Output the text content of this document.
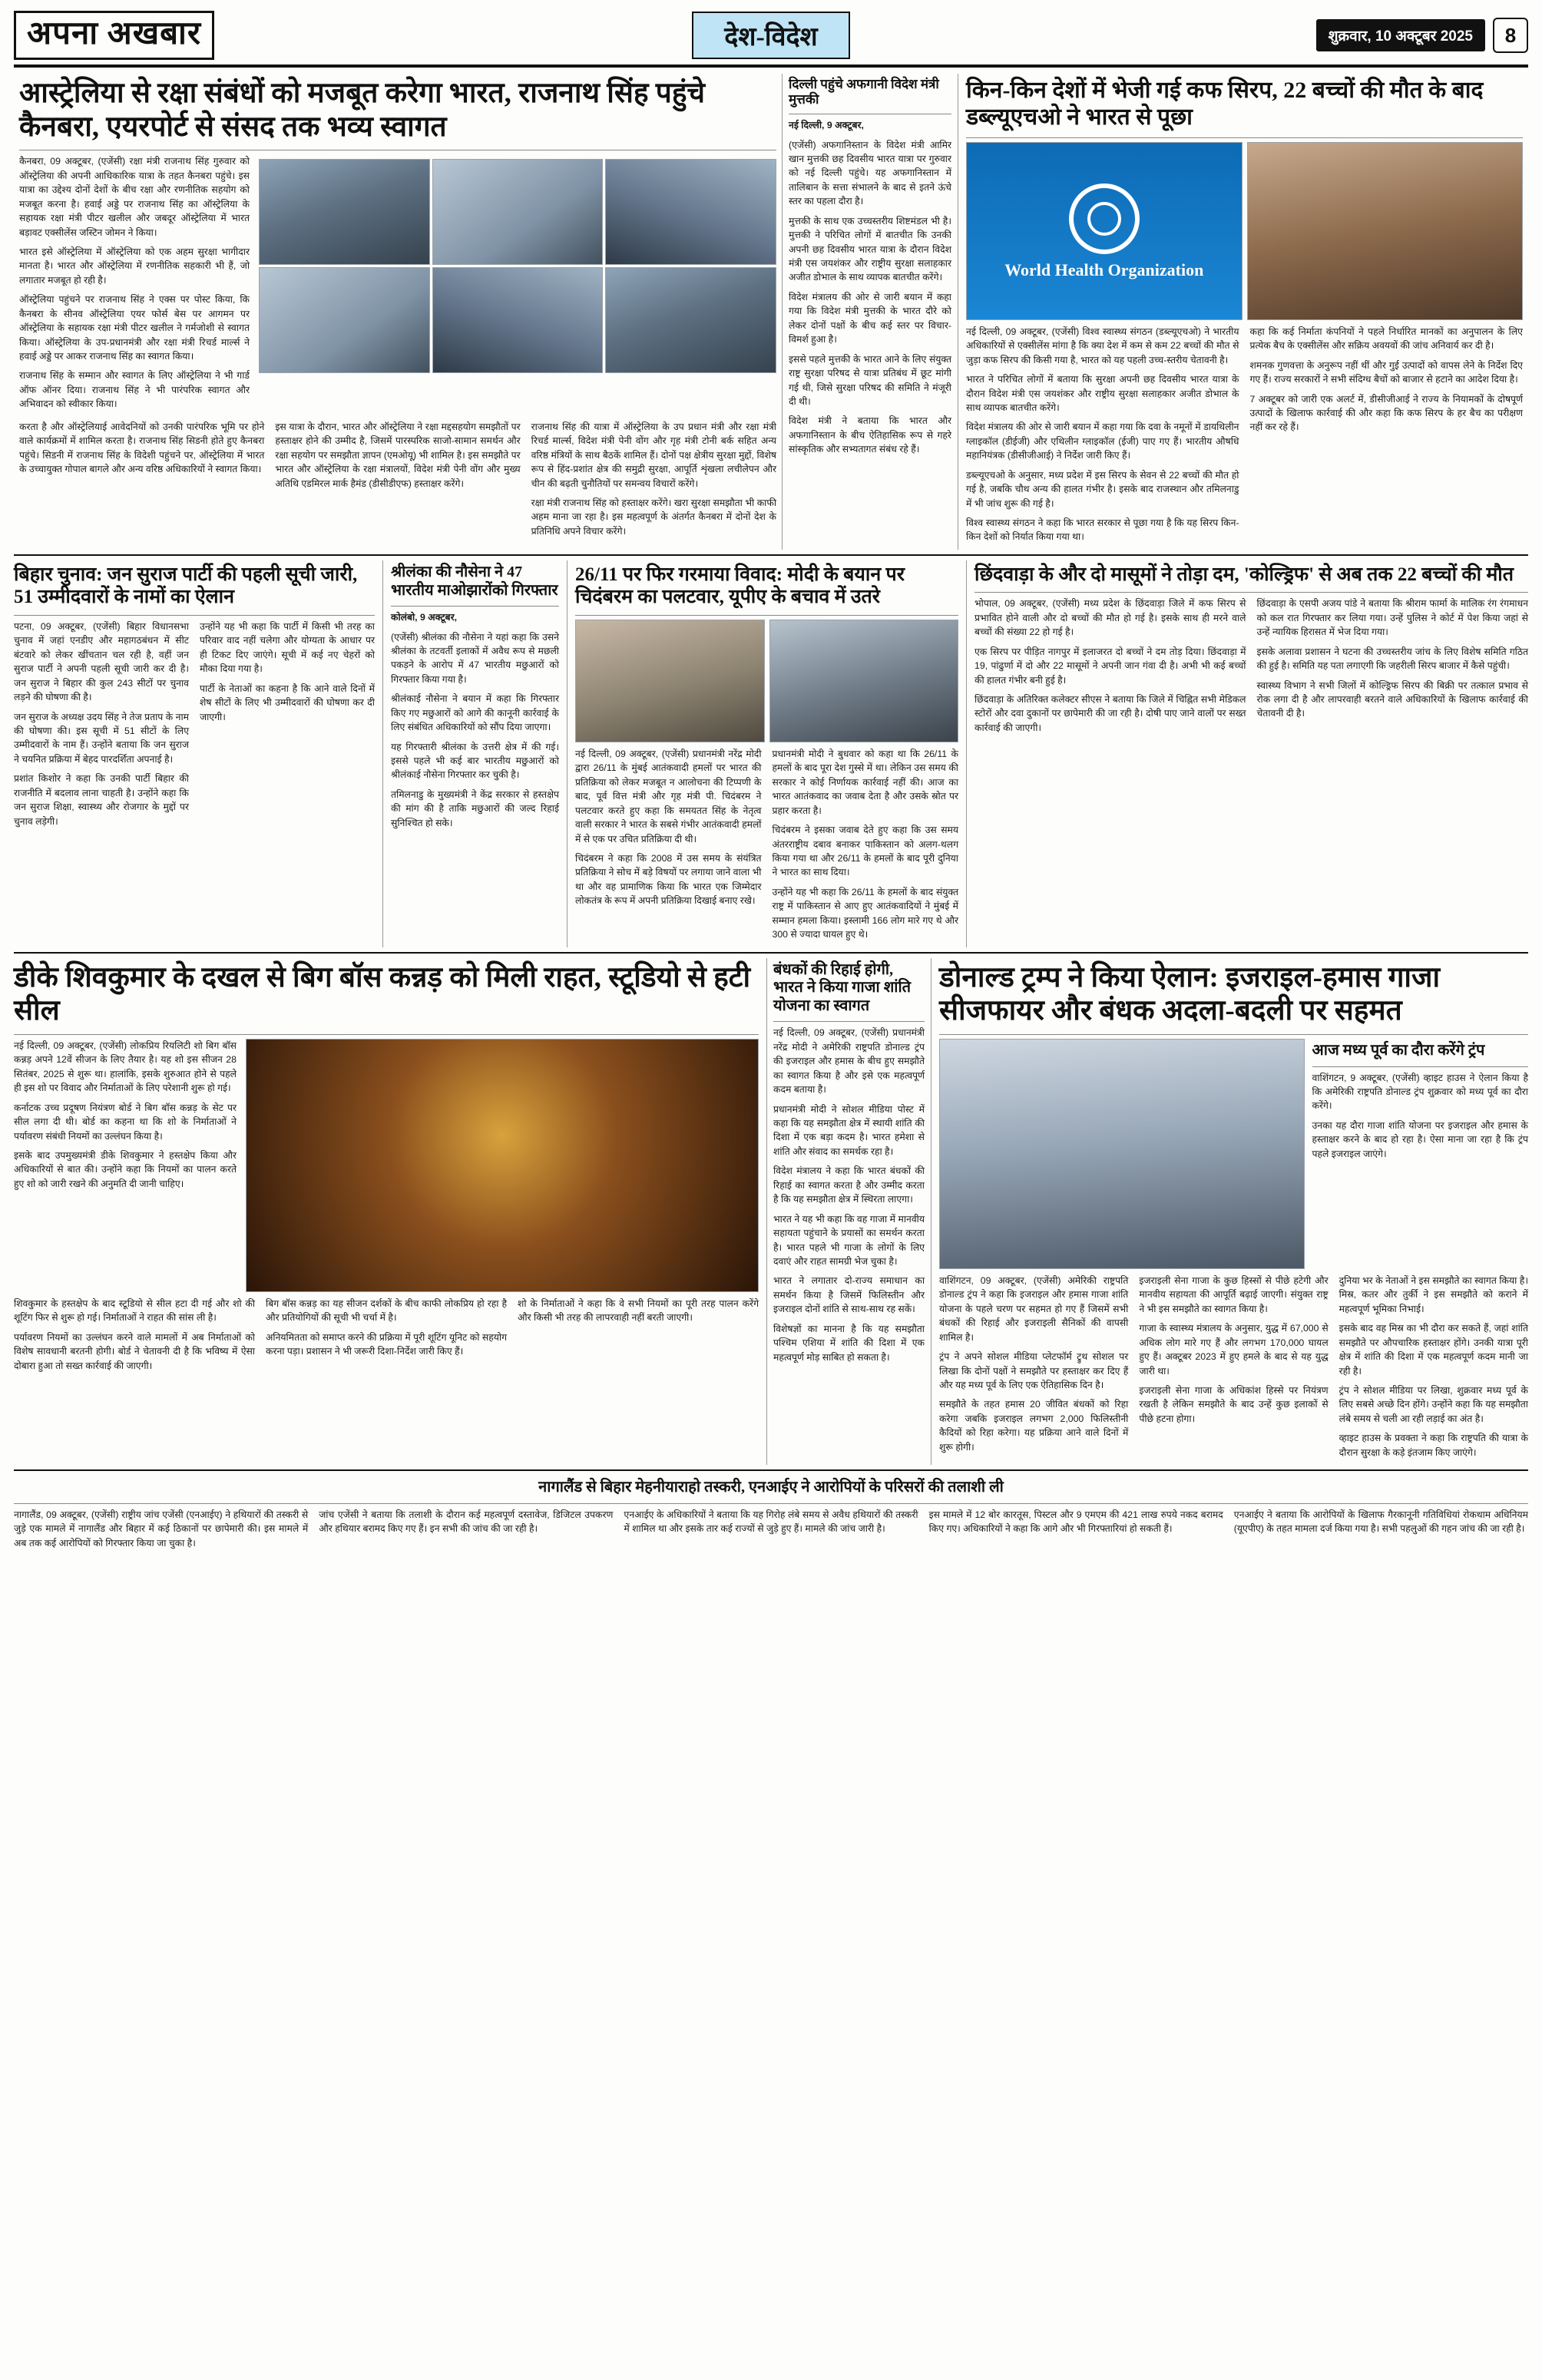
अपना अखबार	देश-विदेश	शुक्रवार, 10 अक्टूबर 2025	8
आस्ट्रेलिया से रक्षा संबंधों को मजबूत करेगा भारत, राजनाथ सिंह पहुंचे कैनबरा, एयरपोर्ट से संसद तक भव्य स्वागत

कैनबरा, 09 अक्टूबर, (एजेंसी) रक्षा मंत्री राजनाथ सिंह गुरुवार को ऑस्ट्रेलिया की अपनी आधिकारिक यात्रा के तहत कैनबरा पहुंचे। इस यात्रा का उद्देश्य दोनों देशों के बीच रक्षा और रणनीतिक सहयोग को मजबूत करना है। हवाई अड्डे पर राजनाथ सिंह का ऑस्ट्रेलिया के सहायक रक्षा मंत्री पीटर खलील और जबदूर ऑस्ट्रेलिया में भारत बड़ावट एक्सीलेंस जस्टिन जोमन ने किया।

भारत इसे ऑस्ट्रेलिया में ऑस्ट्रेलिया को एक अहम सुरक्षा भागीदार मानता है। भारत और ऑस्ट्रेलिया में रणनीतिक सहकारी भी हैं, जो लगातार मजबूत हो रही है।

ऑस्ट्रेलिया पहुंचने पर राजनाथ सिंह ने एक्स पर पोस्ट किया, कि कैनबरा के सीनव ऑस्ट्रेलिया एयर फोर्स बेस पर आगमन पर ऑस्ट्रेलिया के सहायक रक्षा मंत्री पीटर खलील ने गर्मजोशी से स्वागत किया। ऑस्ट्रेलिया के उप-प्रधानमंत्री और रक्षा मंत्री रिचर्ड मार्ल्स ने हवाई अड्डे पर आकर राजनाथ सिंह का स्वागत किया।

राजनाथ सिंह के सम्मान और स्वागत के लिए ऑस्ट्रेलिया ने भी गार्ड ऑफ ऑनर दिया। राजनाथ सिंह ने भी पारंपरिक स्वागत और अभिवादन को स्वीकार किया।

करता है और ऑस्ट्रेलियाई आवेदनियों को उनकी पारंपरिक भूमि पर होने वाले कार्यक्रमों में शामिल करता है। राजनाथ सिंह सिडनी होते हुए कैनबरा पहुंचे। सिडनी में राजनाथ सिंह के विदेशी पहुंचने पर, ऑस्ट्रेलिया में भारत के उच्चायुक्त गोपाल बागले और अन्य वरिष्ठ अधिकारियों ने स्वागत किया।

इस यात्रा के दौरान, भारत और ऑस्ट्रेलिया ने रक्षा मद्दसहयोग समझौतों पर हस्ताक्षर होने की उम्मीद है, जिसमें पारस्परिक साजो-सामान समर्थन और रक्षा सहयोग पर समझौता ज्ञापन (एमओयू) भी शामिल है। इस समझौते पर भारत और ऑस्ट्रेलिया के रक्षा मंत्रालयों, विदेश मंत्री पेनी वोंग और मुख्य अतिथि एडमिरल मार्क हैमंड (डीसीडीएफ) हस्ताक्षर करेंगे।

राजनाथ सिंह की यात्रा में ऑस्ट्रेलिया के उप प्रधान मंत्री और रक्षा मंत्री रिचर्ड मार्ल्स, विदेश मंत्री पेनी वोंग और गृह मंत्री टोनी बर्क सहित अन्य वरिष्ठ मंत्रियों के साथ बैठकें शामिल हैं। दोनों पक्ष क्षेत्रीय सुरक्षा मुद्दों, विशेष रूप से हिंद-प्रशांत क्षेत्र की समुद्री सुरक्षा, आपूर्ति शृंखला लचीलेपन और चीन की बढ़ती चुनौतियों पर समन्वय विचारों करेंगे।

रक्षा मंत्री राजनाथ सिंह को हस्ताक्षर करेंगे। खरा सुरक्षा समझौता भी काफी अहम माना जा रहा है। इस महत्वपूर्ण के अंतर्गत कैनबरा में दोनों देश के प्रतिनिधि अपने विचार करेंगे।

दिल्ली पहुंचे अफगानी विदेश मंत्री मुत्तकी

नई दिल्ली, 9 अक्टूबर,

(एजेंसी) अफगानिस्तान के विदेश मंत्री आमिर खान मुत्तकी छह दिवसीय भारत यात्रा पर गुरुवार को नई दिल्ली पहुंचे। यह अफगानिस्तान में तालिबान के सत्ता संभालने के बाद से इतने ऊंचे स्तर का पहला दौरा है।

मुत्तकी के साथ एक उच्चस्तरीय शिष्टमंडल भी है। मुत्तकी ने परिचित लोगों में बातचीत कि उनकी अपनी छह दिवसीय भारत यात्रा के दौरान विदेश मंत्री एस जयशंकर और राष्ट्रीय सुरक्षा सलाहकार अजीत डोभाल के साथ व्यापक बातचीत करेंगे।

विदेश मंत्रालय की ओर से जारी बयान में कहा गया कि विदेश मंत्री मुत्तकी के भारत दौरे को लेकर दोनों पक्षों के बीच कई स्तर पर विचार-विमर्श हुआ है।

इससे पहले मुत्तकी के भारत आने के लिए संयुक्त राष्ट्र सुरक्षा परिषद से यात्रा प्रतिबंध में छूट मांगी गई थी, जिसे सुरक्षा परिषद की समिति ने मंजूरी दी थी।

विदेश मंत्री ने बताया कि भारत और अफगानिस्तान के बीच ऐतिहासिक रूप से गहरे सांस्कृतिक और सभ्यतागत संबंध रहे हैं।

किन-किन देशों में भेजी गई कफ सिरप, 22 बच्चों की मौत के बाद डब्ल्यूएचओ ने भारत से पूछा
World Health Organization

नई दिल्ली, 09 अक्टूबर, (एजेंसी) विश्व स्वास्थ्य संगठन (डब्ल्यूएचओ) ने भारतीय अधिकारियों से एक्सीलेंस मांगा है कि क्या देश में कम से कम 22 बच्चों की मौत से जुड़ा कफ सिरप की किसी गया है, भारत को यह पहली उच्च-स्तरीय चेतावनी है।

भारत ने परिचित लोगों में बताया कि सुरक्षा अपनी छह दिवसीय भारत यात्रा के दौरान विदेश मंत्री एस जयशंकर और राष्ट्रीय सुरक्षा सलाहकार अजीत डोभाल के साथ व्यापक बातचीत करेंगे।

विदेश मंत्रालय की ओर से जारी बयान में कहा गया कि दवा के नमूनों में डायथिलीन ग्लाइकॉल (डीईजी) और एथिलीन ग्लाइकॉल (ईजी) पाए गए हैं। भारतीय औषधि महानियंत्रक (डीसीजीआई) ने निर्देश जारी किए हैं।

डब्ल्यूएचओ के अनुसार, मध्य प्रदेश में इस सिरप के सेवन से 22 बच्चों की मौत हो गई है, जबकि चौथ अन्य की हालत गंभीर है। इसके बाद राजस्थान और तमिलनाडु में भी जांच शुरू की गई है।

विश्व स्वास्थ्य संगठन ने कहा कि भारत सरकार से पूछा गया है कि यह सिरप किन-किन देशों को निर्यात किया गया था।

कहा कि कई निर्माता कंपनियों ने पहले निर्धारित मानकों का अनुपालन के लिए प्रत्येक बैच के एक्सीलेंस और सक्रिय अवयवों की जांच अनिवार्य कर दी है।

शमनक गुणवत्ता के अनुरूप नहीं थीं और गुई उत्पादों को वापस लेने के निर्देश दिए गए हैं। राज्य सरकारों ने सभी संदिग्ध बैचों को बाजार से हटाने का आदेश दिया है।

7 अक्टूबर को जारी एक अलर्ट में, डीसीजीआई ने राज्य के नियामकों के दोषपूर्ण उत्पादों के खिलाफ कार्रवाई की और कहा कि कफ सिरप के हर बैच का परीक्षण नहीं कर रहे हैं।

बिहार चुनाव: जन सुराज पार्टी की पहली सूची जारी, 51 उम्मीदवारों के नामों का ऐलान

पटना, 09 अक्टूबर, (एजेंसी) बिहार विधानसभा चुनाव में जहां एनडीए और महागठबंधन में सीट बंटवारे को लेकर खींचतान चल रही है, वहीं जन सुराज पार्टी ने अपनी पहली सूची जारी कर दी है। जन सुराज ने बिहार की कुल 243 सीटों पर चुनाव लड़ने की घोषणा की है।

जन सुराज के अध्यक्ष उदय सिंह ने तेज प्रताप के नाम की घोषणा की। इस सूची में 51 सीटों के लिए उम्मीदवारों के नाम हैं। उन्होंने बताया कि जन सुराज ने चयनित प्रक्रिया में बेहद पारदर्शिता अपनाई है।

प्रशांत किशोर ने कहा कि उनकी पार्टी बिहार की राजनीति में बदलाव लाना चाहती है। उन्होंने कहा कि जन सुराज शिक्षा, स्वास्थ्य और रोजगार के मुद्दों पर चुनाव लड़ेगी।

उन्होंने यह भी कहा कि पार्टी में किसी भी तरह का परिवार वाद नहीं चलेगा और योग्यता के आधार पर ही टिकट दिए जाएंगे। सूची में कई नए चेहरों को मौका दिया गया है।

पार्टी के नेताओं का कहना है कि आने वाले दिनों में शेष सीटों के लिए भी उम्मीदवारों की घोषणा कर दी जाएगी।

श्रीलंका की नौसेना ने 47 भारतीय माओझारोंको गिरफ्तार

कोलंबो, 9 अक्टूबर,

(एजेंसी) श्रीलंका की नौसेना ने यहां कहा कि उसने श्रीलंका के तटवर्ती इलाकों में अवैध रूप से मछली पकड़ने के आरोप में 47 भारतीय मछुआरों को गिरफ्तार किया गया है।

श्रीलंकाई नौसेना ने बयान में कहा कि गिरफ्तार किए गए मछुआरों को आगे की कानूनी कार्रवाई के लिए संबंधित अधिकारियों को सौंप दिया जाएगा।

यह गिरफ्तारी श्रीलंका के उत्तरी क्षेत्र में की गई। इससे पहले भी कई बार भारतीय मछुआरों को श्रीलंकाई नौसेना गिरफ्तार कर चुकी है।

तमिलनाडु के मुख्यमंत्री ने केंद्र सरकार से हस्तक्षेप की मांग की है ताकि मछुआरों की जल्द रिहाई सुनिश्चित हो सके।

26/11 पर फिर गरमाया विवाद: मोदी के बयान पर चिदंबरम का पलटवार, यूपीए के बचाव में उतरे

नई दिल्ली, 09 अक्टूबर, (एजेंसी) प्रधानमंत्री नरेंद्र मोदी द्वारा 26/11 के मुंबई आतंकवादी हमलों पर भारत की प्रतिक्रिया को लेकर मजबूत न आलोचना की टिप्पणी के बाद, पूर्व वित्त मंत्री और गृह मंत्री पी. चिदंबरम ने पलटवार करते हुए कहा कि समयतत सिंह के नेतृत्व वाली सरकार ने भारत के सबसे गंभीर आतंकवादी हमलों में से एक पर उचित प्रतिक्रिया दी थी।

चिदंबरम ने कहा कि 2008 में उस समय के संयंत्रित प्रतिक्रिया ने सोच में बड़े विषयों पर लगाया जाने वाला भी था और वह प्रामाणिक किया कि भारत एक जिम्मेदार लोकतंत्र के रूप में अपनी प्रतिक्रिया दिखाई बनाए रखे।

प्रधानमंत्री मोदी ने बुधवार को कहा था कि 26/11 के हमलों के बाद पूरा देश गुस्से में था। लेकिन उस समय की सरकार ने कोई निर्णायक कार्रवाई नहीं की। आज का भारत आतंकवाद का जवाब देता है और उसके स्रोत पर प्रहार करता है।

चिदंबरम ने इसका जवाब देते हुए कहा कि उस समय अंतरराष्ट्रीय दबाव बनाकर पाकिस्तान को अलग-थलग किया गया था और 26/11 के हमलों के बाद पूरी दुनिया ने भारत का साथ दिया।

उन्होंने यह भी कहा कि 26/11 के हमलों के बाद संयुक्त राष्ट्र में पाकिस्तान से आए हुए आतंकवादियों ने मुंबई में सम्मान हमला किया। इस्लामी 166 लोग मारे गए थे और 300 से ज्यादा घायल हुए थे।

छिंदवाड़ा के और दो मासूमों ने तोड़ा दम, 'कोल्ड्रिफ' से अब तक 22 बच्चों की मौत

भोपाल, 09 अक्टूबर, (एजेंसी) मध्य प्रदेश के छिंदवाड़ा जिले में कफ सिरप से प्रभावित होने वाली और दो बच्चों की मौत हो गई है। इसके साथ ही मरने वाले बच्चों की संख्या 22 हो गई है।

एक सिरप पर पीड़ित नागपुर में इलाजरत दो बच्चों ने दम तोड़ दिया। छिंदवाड़ा में 19, पांढुर्णा में दो और 22 मासूमों ने अपनी जान गंवा दी है। अभी भी कई बच्चों की हालत गंभीर बनी हुई है।

छिंदवाड़ा के अतिरिक्त कलेक्टर सीएस ने बताया कि जिले में चिह्नित सभी मेडिकल स्टोरों और दवा दुकानों पर छापेमारी की जा रही है। दोषी पाए जाने वालों पर सख्त कार्रवाई की जाएगी।

छिंदवाड़ा के एसपी अजय पांडे ने बताया कि श्रीराम फार्मा के मालिक रंग रंगमाधन को कल रात गिरफ्तार कर लिया गया। उन्हें पुलिस ने कोर्ट में पेश किया जहां से उन्हें न्यायिक हिरासत में भेज दिया गया।

इसके अलावा प्रशासन ने घटना की उच्चस्तरीय जांच के लिए विशेष समिति गठित की हुई है। समिति यह पता लगाएगी कि जहरीली सिरप बाजार में कैसे पहुंची।

स्वास्थ्य विभाग ने सभी जिलों में कोल्ड्रिफ सिरप की बिक्री पर तत्काल प्रभाव से रोक लगा दी है और लापरवाही बरतने वाले अधिकारियों के खिलाफ कार्रवाई की चेतावनी दी है।

डीके शिवकुमार के दखल से बिग बॉस कन्नड़ को मिली राहत, स्टूडियो से हटी सील

नई दिल्ली, 09 अक्टूबर, (एजेंसी) लोकप्रिय रियलिटी शो बिग बॉस कन्नड़ अपने 12वें सीजन के लिए तैयार है। यह शो इस सीजन 28 सितंबर, 2025 से शुरू था। हालांकि, इसके शुरुआत होने से पहले ही इस शो पर विवाद और निर्माताओं के लिए परेशानी शुरू हो गई।

कर्नाटक उच्च प्रदूषण नियंत्रण बोर्ड ने बिग बॉस कन्नड़ के सेट पर सील लगा दी थी। बोर्ड का कहना था कि शो के निर्माताओं ने पर्यावरण संबंधी नियमों का उल्लंघन किया है।

इसके बाद उपमुख्यमंत्री डीके शिवकुमार ने हस्तक्षेप किया और अधिकारियों से बात की। उन्होंने कहा कि नियमों का पालन करते हुए शो को जारी रखने की अनुमति दी जानी चाहिए।

शिवकुमार के हस्तक्षेप के बाद स्टूडियो से सील हटा दी गई और शो की शूटिंग फिर से शुरू हो गई। निर्माताओं ने राहत की सांस ली है।

पर्यावरण नियमों का उल्लंघन करने वाले मामलों में अब निर्माताओं को विशेष सावधानी बरतनी होगी। बोर्ड ने चेतावनी दी है कि भविष्य में ऐसा दोबारा हुआ तो सख्त कार्रवाई की जाएगी।

बिग बॉस कन्नड़ का यह सीजन दर्शकों के बीच काफी लोकप्रिय हो रहा है और प्रतियोगियों की सूची भी चर्चा में है।

अनियमितता को समाप्त करने की प्रक्रिया में पूरी शूटिंग यूनिट को सहयोग करना पड़ा। प्रशासन ने भी जरूरी दिशा-निर्देश जारी किए हैं।

शो के निर्माताओं ने कहा कि वे सभी नियमों का पूरी तरह पालन करेंगे और किसी भी तरह की लापरवाही नहीं बरती जाएगी।

बंधकों की रिहाई होगी, भारत ने किया गाजा शांति योजना का स्वागत

नई दिल्ली, 09 अक्टूबर, (एजेंसी) प्रधानमंत्री नरेंद्र मोदी ने अमेरिकी राष्ट्रपति डोनाल्ड ट्रंप की इजराइल और हमास के बीच हुए समझौते का स्वागत किया है और इसे एक महत्वपूर्ण कदम बताया है।

प्रधानमंत्री मोदी ने सोशल मीडिया पोस्ट में कहा कि यह समझौता क्षेत्र में स्थायी शांति की दिशा में एक बड़ा कदम है। भारत हमेशा से शांति और संवाद का समर्थक रहा है।

विदेश मंत्रालय ने कहा कि भारत बंधकों की रिहाई का स्वागत करता है और उम्मीद करता है कि यह समझौता क्षेत्र में स्थिरता लाएगा।

भारत ने यह भी कहा कि वह गाजा में मानवीय सहायता पहुंचाने के प्रयासों का समर्थन करता है। भारत पहले भी गाजा के लोगों के लिए दवाएं और राहत सामग्री भेज चुका है।

भारत ने लगातार दो-राज्य समाधान का समर्थन किया है जिसमें फिलिस्तीन और इजराइल दोनों शांति से साथ-साथ रह सकें।

विशेषज्ञों का मानना है कि यह समझौता पश्चिम एशिया में शांति की दिशा में एक महत्वपूर्ण मोड़ साबित हो सकता है।

डोनाल्ड ट्रम्प ने किया ऐलान: इजराइल-हमास गाजा सीजफायर और बंधक अदला-बदली पर सहमत
आज मध्य पूर्व का दौरा करेंगे ट्रंप

वाशिंगटन, 9 अक्टूबर, (एजेंसी) व्हाइट हाउस ने ऐलान किया है कि अमेरिकी राष्ट्रपति डोनाल्ड ट्रंप शुक्रवार को मध्य पूर्व का दौरा करेंगे।

उनका यह दौरा गाजा शांति योजना पर इजराइल और हमास के हस्ताक्षर करने के बाद हो रहा है। ऐसा माना जा रहा है कि ट्रंप पहले इजराइल जाएंगे।

वाशिंगटन, 09 अक्टूबर, (एजेंसी) अमेरिकी राष्ट्रपति डोनाल्ड ट्रंप ने कहा कि इजराइल और हमास गाजा शांति योजना के पहले चरण पर सहमत हो गए हैं जिसमें सभी बंधकों की रिहाई और इजराइली सैनिकों की वापसी शामिल है।

ट्रंप ने अपने सोशल मीडिया प्लेटफॉर्म ट्रुथ सोशल पर लिखा कि दोनों पक्षों ने समझौते पर हस्ताक्षर कर दिए हैं और यह मध्य पूर्व के लिए एक ऐतिहासिक दिन है।

समझौते के तहत हमास 20 जीवित बंधकों को रिहा करेगा जबकि इजराइल लगभग 2,000 फिलिस्तीनी कैदियों को रिहा करेगा। यह प्रक्रिया आने वाले दिनों में शुरू होगी।

इजराइली सेना गाजा के कुछ हिस्सों से पीछे हटेगी और मानवीय सहायता की आपूर्ति बढ़ाई जाएगी। संयुक्त राष्ट्र ने भी इस समझौते का स्वागत किया है।

गाजा के स्वास्थ्य मंत्रालय के अनुसार, युद्ध में 67,000 से अधिक लोग मारे गए हैं और लगभग 170,000 घायल हुए हैं। अक्टूबर 2023 में हुए हमले के बाद से यह युद्ध जारी था।

इजराइली सेना गाजा के अधिकांश हिस्से पर नियंत्रण रखती है लेकिन समझौते के बाद उन्हें कुछ इलाकों से पीछे हटना होगा।

दुनिया भर के नेताओं ने इस समझौते का स्वागत किया है। मिस्र, कतर और तुर्की ने इस समझौते को कराने में महत्वपूर्ण भूमिका निभाई।

इसके बाद वह मिस्र का भी दौरा कर सकते हैं, जहां शांति समझौते पर औपचारिक हस्ताक्षर होंगे। उनकी यात्रा पूरी क्षेत्र में शांति की दिशा में एक महत्वपूर्ण कदम मानी जा रही है।

ट्रंप ने सोशल मीडिया पर लिखा, शुक्रवार मध्य पूर्व के लिए सबसे अच्छे दिन होंगे। उन्होंने कहा कि यह समझौता लंबे समय से चली आ रही लड़ाई का अंत है।

व्हाइट हाउस के प्रवक्ता ने कहा कि राष्ट्रपति की यात्रा के दौरान सुरक्षा के कड़े इंतजाम किए जाएंगे।

नागालैंड से बिहार मेहनीयाराहो तस्करी, एनआईए ने आरोपियों के परिसरों की तलाशी ली

नागालैंड, 09 अक्टूबर, (एजेंसी) राष्ट्रीय जांच एजेंसी (एनआईए) ने हथियारों की तस्करी से जुड़े एक मामले में नागालैंड और बिहार में कई ठिकानों पर छापेमारी की। इस मामले में अब तक कई आरोपियों को गिरफ्तार किया जा चुका है।

जांच एजेंसी ने बताया कि तलाशी के दौरान कई महत्वपूर्ण दस्तावेज, डिजिटल उपकरण और हथियार बरामद किए गए हैं। इन सभी की जांच की जा रही है।

एनआईए के अधिकारियों ने बताया कि यह गिरोह लंबे समय से अवैध हथियारों की तस्करी में शामिल था और इसके तार कई राज्यों से जुड़े हुए हैं। मामले की जांच जारी है।

इस मामले में 12 बोर कारतूस, पिस्टल और 9 एमएम की 421 लाख रुपये नकद बरामद किए गए। अधिकारियों ने कहा कि आगे और भी गिरफ्तारियां हो सकती हैं।

एनआईए ने बताया कि आरोपियों के खिलाफ गैरकानूनी गतिविधियां रोकथाम अधिनियम (यूएपीए) के तहत मामला दर्ज किया गया है। सभी पहलुओं की गहन जांच की जा रही है।
